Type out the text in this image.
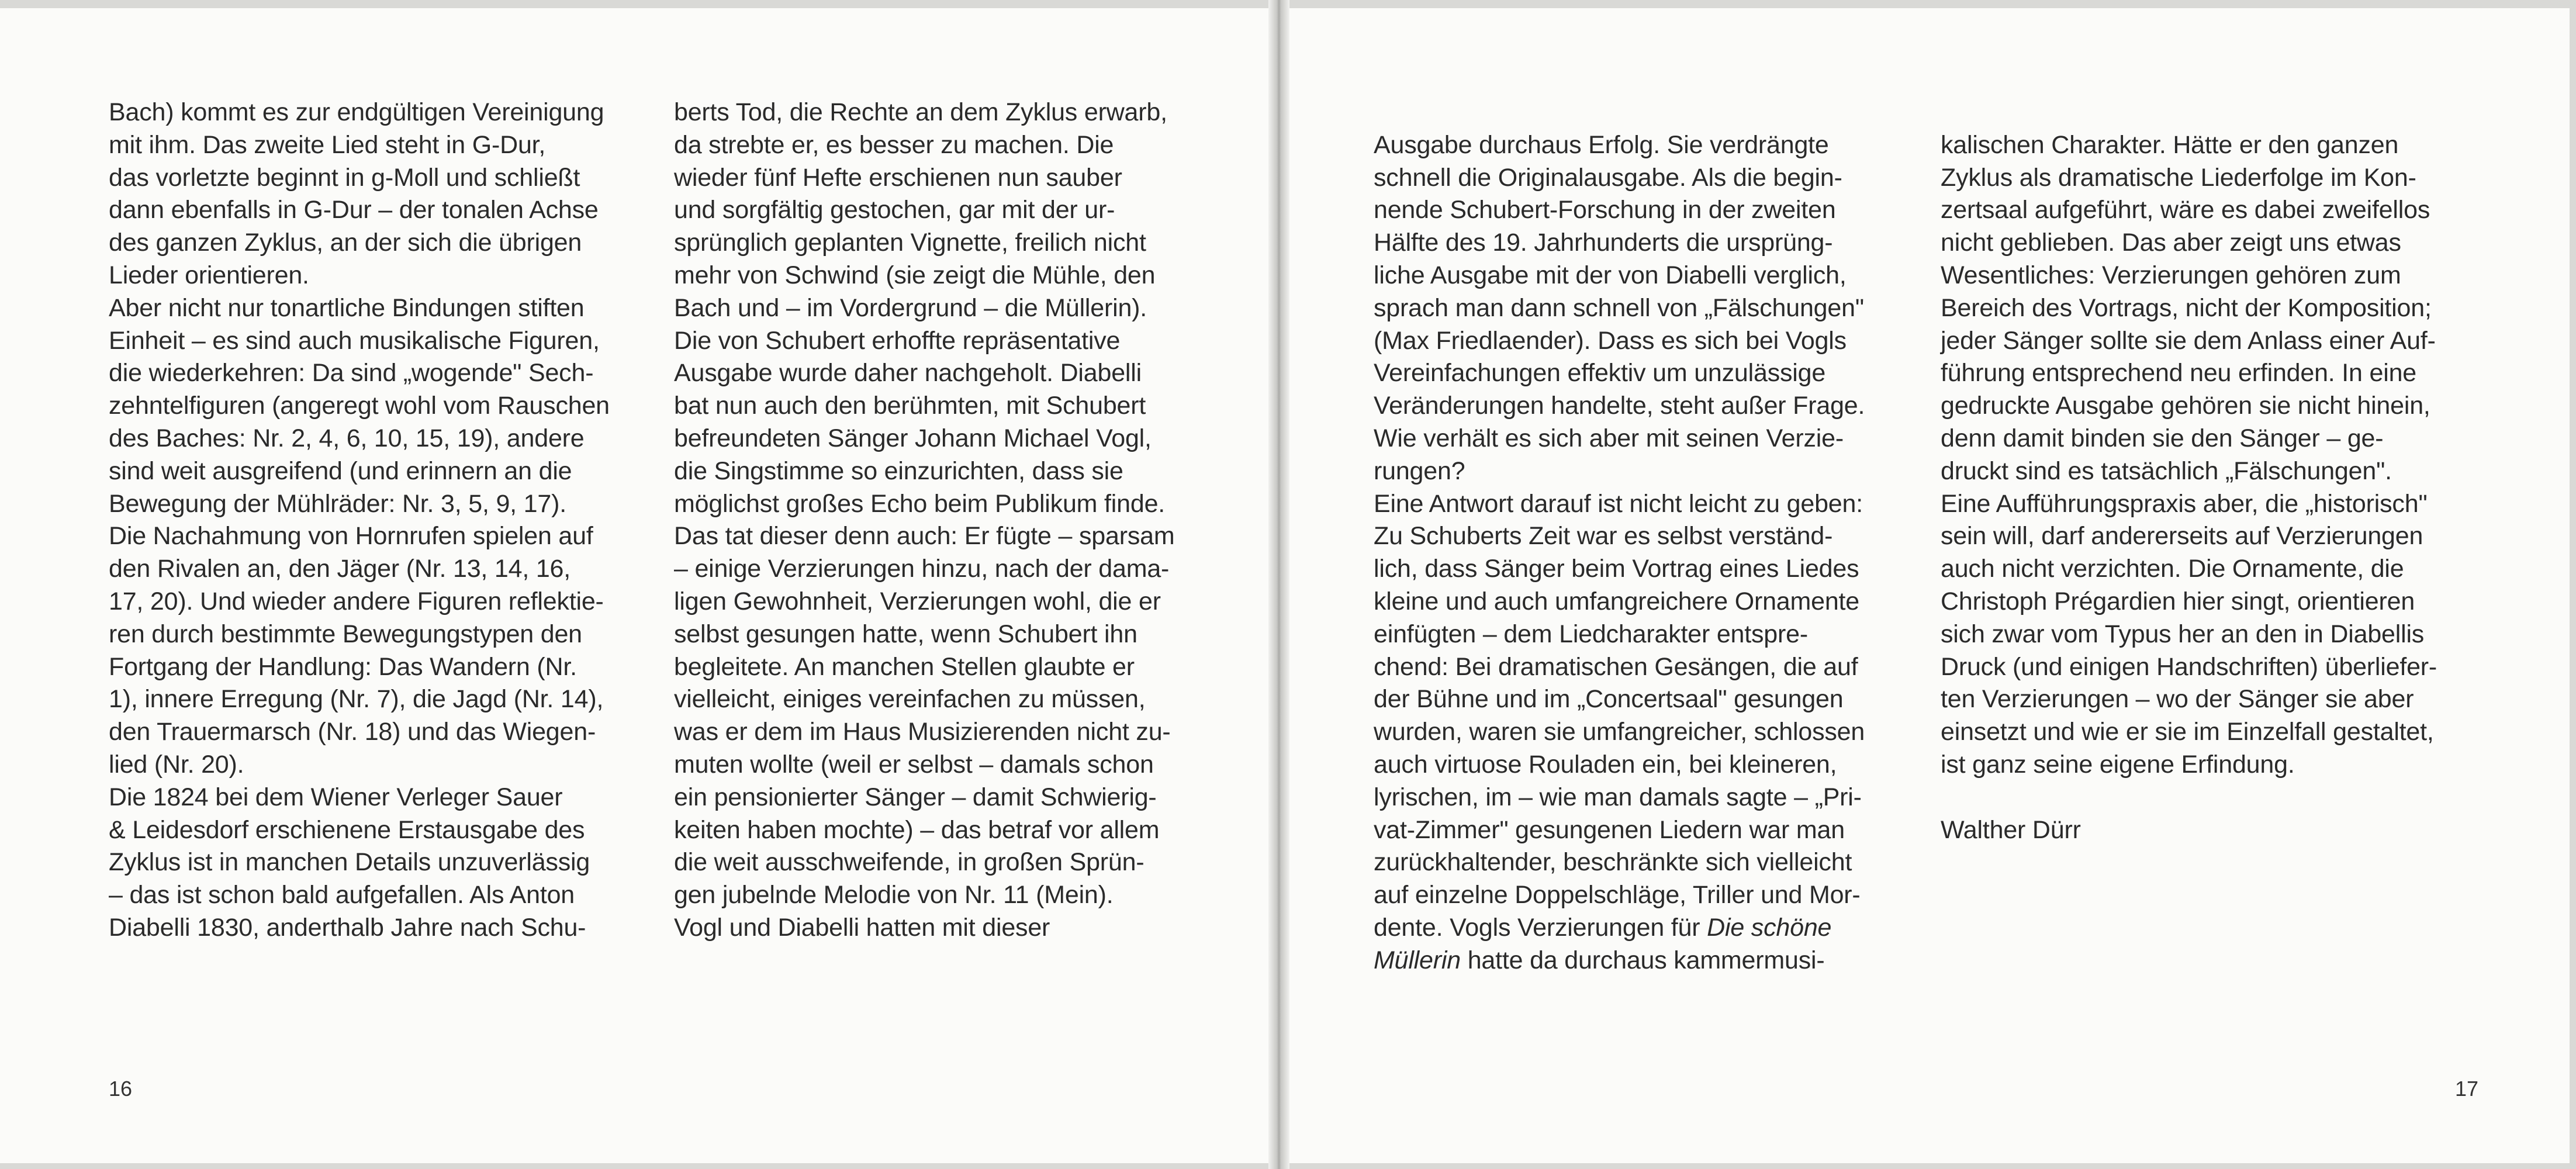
Bach) kommt es zur endgültigen Vereinigung
mit ihm. Das zweite Lied steht in G-Dur,
das vorletzte beginnt in g-Moll und schließt
dann ebenfalls in G-Dur – der tonalen Achse
des ganzen Zyklus, an der sich die übrigen
Lieder orientieren.
Aber nicht nur tonartliche Bindungen stiften
Einheit – es sind auch musikalische Figuren,
die wiederkehren: Da sind „wogende" Sech-
zehntelfiguren (angeregt wohl vom Rauschen
des Baches: Nr. 2, 4, 6, 10, 15, 19), andere
sind weit ausgreifend (und erinnern an die
Bewegung der Mühlräder: Nr. 3, 5, 9, 17).
Die Nachahmung von Hornrufen spielen auf
den Rivalen an, den Jäger (Nr. 13, 14, 16,
17, 20). Und wieder andere Figuren reflektie-
ren durch bestimmte Bewegungstypen den
Fortgang der Handlung: Das Wandern (Nr.
1), innere Erregung (Nr. 7), die Jagd (Nr. 14),
den Trauermarsch (Nr. 18) und das Wiegen-
lied (Nr. 20).
Die 1824 bei dem Wiener Verleger Sauer
& Leidesdorf erschienene Erstausgabe des
Zyklus ist in manchen Details unzuverlässig
– das ist schon bald aufgefallen. Als Anton
Diabelli 1830, anderthalb Jahre nach Schu-
berts Tod, die Rechte an dem Zyklus erwarb,
da strebte er, es besser zu machen. Die
wieder fünf Hefte erschienen nun sauber
und sorgfältig gestochen, gar mit der ur-
sprünglich geplanten Vignette, freilich nicht
mehr von Schwind (sie zeigt die Mühle, den
Bach und – im Vordergrund – die Müllerin).
Die von Schubert erhoffte repräsentative
Ausgabe wurde daher nachgeholt. Diabelli
bat nun auch den berühmten, mit Schubert
befreundeten Sänger Johann Michael Vogl,
die Singstimme so einzurichten, dass sie
möglichst großes Echo beim Publikum finde.
Das tat dieser denn auch: Er fügte – sparsam
– einige Verzierungen hinzu, nach der dama-
ligen Gewohnheit, Verzierungen wohl, die er
selbst gesungen hatte, wenn Schubert ihn
begleitete. An manchen Stellen glaubte er
vielleicht, einiges vereinfachen zu müssen,
was er dem im Haus Musizierenden nicht zu-
muten wollte (weil er selbst – damals schon
ein pensionierter Sänger – damit Schwierig-
keiten haben mochte) – das betraf vor allem
die weit ausschweifende, in großen Sprün-
gen jubelnde Melodie von Nr. 11 (Mein).
Vogl und Diabelli hatten mit dieser
16

Ausgabe durchaus Erfolg. Sie verdrängte
schnell die Originalausgabe. Als die begin-
nende Schubert-Forschung in der zweiten
Hälfte des 19. Jahrhunderts die ursprüng-
liche Ausgabe mit der von Diabelli verglich,
sprach man dann schnell von „Fälschungen"
(Max Friedlaender). Dass es sich bei Vogls
Vereinfachungen effektiv um unzulässige
Veränderungen handelte, steht außer Frage.
Wie verhält es sich aber mit seinen Verzie-
rungen?
Eine Antwort darauf ist nicht leicht zu geben:
Zu Schuberts Zeit war es selbst verständ-
lich, dass Sänger beim Vortrag eines Liedes
kleine und auch umfangreichere Ornamente
einfügten – dem Liedcharakter entspre-
chend: Bei dramatischen Gesängen, die auf
der Bühne und im „Concertsaal" gesungen
wurden, waren sie umfangreicher, schlossen
auch virtuose Rouladen ein, bei kleineren,
lyrischen, im – wie man damals sagte – „Pri-
vat-Zimmer" gesungenen Liedern war man
zurückhaltender, beschränkte sich vielleicht
auf einzelne Doppelschläge, Triller und Mor-
dente. Vogls Verzierungen für Die schöne
Müllerin hatte da durchaus kammermusi-

kalischen Charakter. Hätte er den ganzen
Zyklus als dramatische Liederfolge im Kon-
zertsaal aufgeführt, wäre es dabei zweifellos
nicht geblieben. Das aber zeigt uns etwas
Wesentliches: Verzierungen gehören zum
Bereich des Vortrags, nicht der Komposition;
jeder Sänger sollte sie dem Anlass einer Auf-
führung entsprechend neu erfinden. In eine
gedruckte Ausgabe gehören sie nicht hinein,
denn damit binden sie den Sänger – ge-
druckt sind es tatsächlich „Fälschungen".
Eine Aufführungspraxis aber, die „historisch"
sein will, darf andererseits auf Verzierungen
auch nicht verzichten. Die Ornamente, die
Christoph Prégardien hier singt, orientieren
sich zwar vom Typus her an den in Diabellis
Druck (und einigen Handschriften) überliefer-
ten Verzierungen – wo der Sänger sie aber
einsetzt und wie er sie im Einzelfall gestaltet,
ist ganz seine eigene Erfindung.
Walther Dürr
17
